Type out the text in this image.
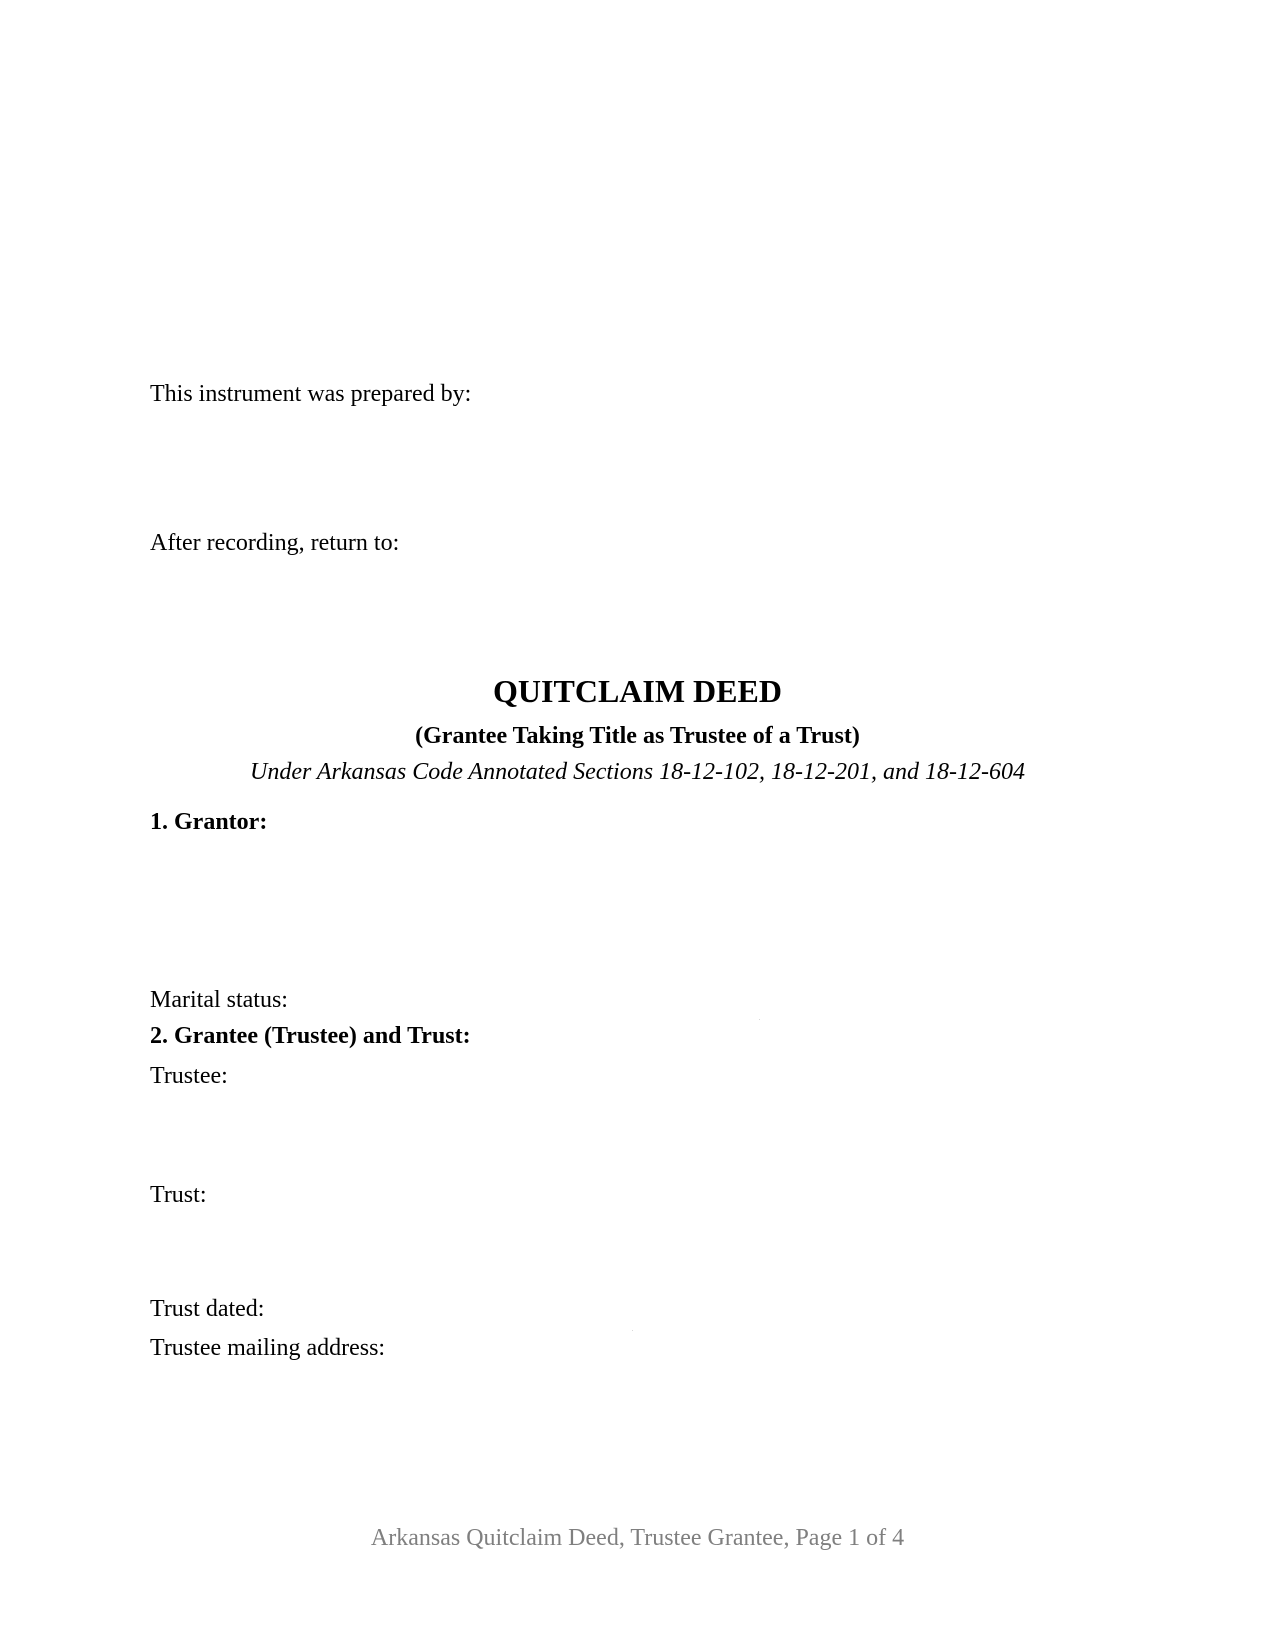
This instrument was prepared by:
After recording, return to:
QUITCLAIM DEED
(Grantee Taking Title as Trustee of a Trust)
Under Arkansas Code Annotated Sections 18-12-102, 18-12-201, and 18-12-604
1. Grantor:
Marital status:
2. Grantee (Trustee) and Trust:
Trustee:
Trust:
Trust dated:
Trustee mailing address:
Arkansas Quitclaim Deed, Trustee Grantee, Page 1 of 4
